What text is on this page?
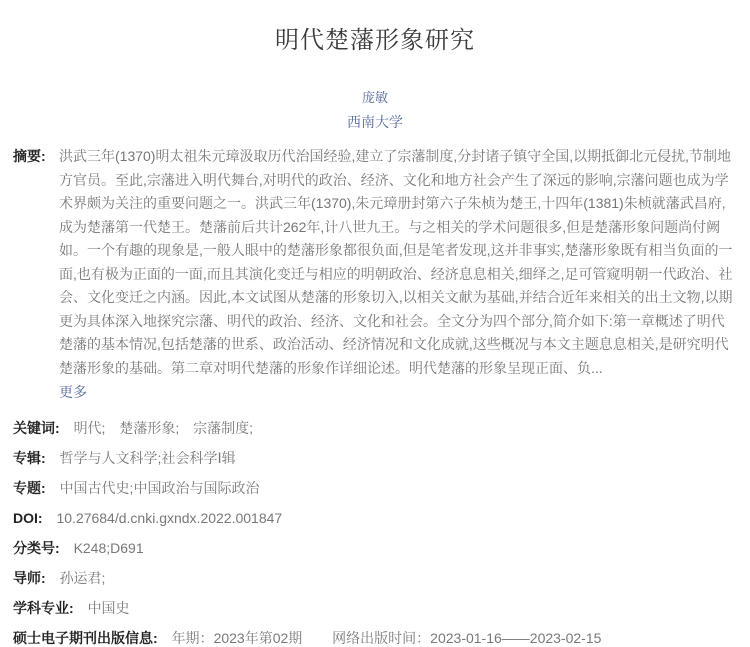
明代楚藩形象研究
庞敏
西南大学
摘要: 洪武三年(1370)明太祖朱元璋汲取历代治国经验,建立了宗藩制度,分封诸子镇守全国,以期抵御北元侵扰,节制地方官员。至此,宗藩进入明代舞台,对明代的政治、经济、文化和地方社会产生了深远的影响,宗藩问题也成为学术界颇为关注的重要问题之一。洪武三年(1370),朱元璋册封第六子朱桢为楚王,十四年(1381)朱桢就藩武昌府,成为楚藩第一代楚王。楚藩前后共计262年,计八世九王。与之相关的学术问题很多,但是楚藩形象问题尚付阙如。一个有趣的现象是,一般人眼中的楚藩形象都很负面,但是笔者发现,这并非事实,楚藩形象既有相当负面的一面,也有极为正面的一面,而且其演化变迁与相应的明朝政治、经济息息相关,细绎之,足可管窥明朝一代政治、社会、文化变迁之内涵。因此,本文试图从楚藩的形象切入,以相关文献为基础,并结合近年来相关的出土文物,以期更为具体深入地探究宗藩、明代的政治、经济、文化和社会。全文分为四个部分,简介如下:第一章概述了明代楚藩的基本情况,包括楚藩的世系、政治活动、经济情况和文化成就,这些概况与本文主题息息相关,是研究明代楚藩形象的基础。第二章对明代楚藩的形象作详细论述。明代楚藩的形象呈现正面、负...
更多
关键词: 明代; 楚藩形象; 宗藩制度;
专辑: 哲学与人文科学;社会科学Ⅰ辑
专题: 中国古代史;中国政治与国际政治
DOI: 10.27684/d.cnki.gxndx.2022.001847
分类号: K248;D691
导师: 孙运君;
学科专业: 中国史
硕士电子期刊出版信息: 年期：2023年第02期 网络出版时间：2023-01-16——2023-02-15
